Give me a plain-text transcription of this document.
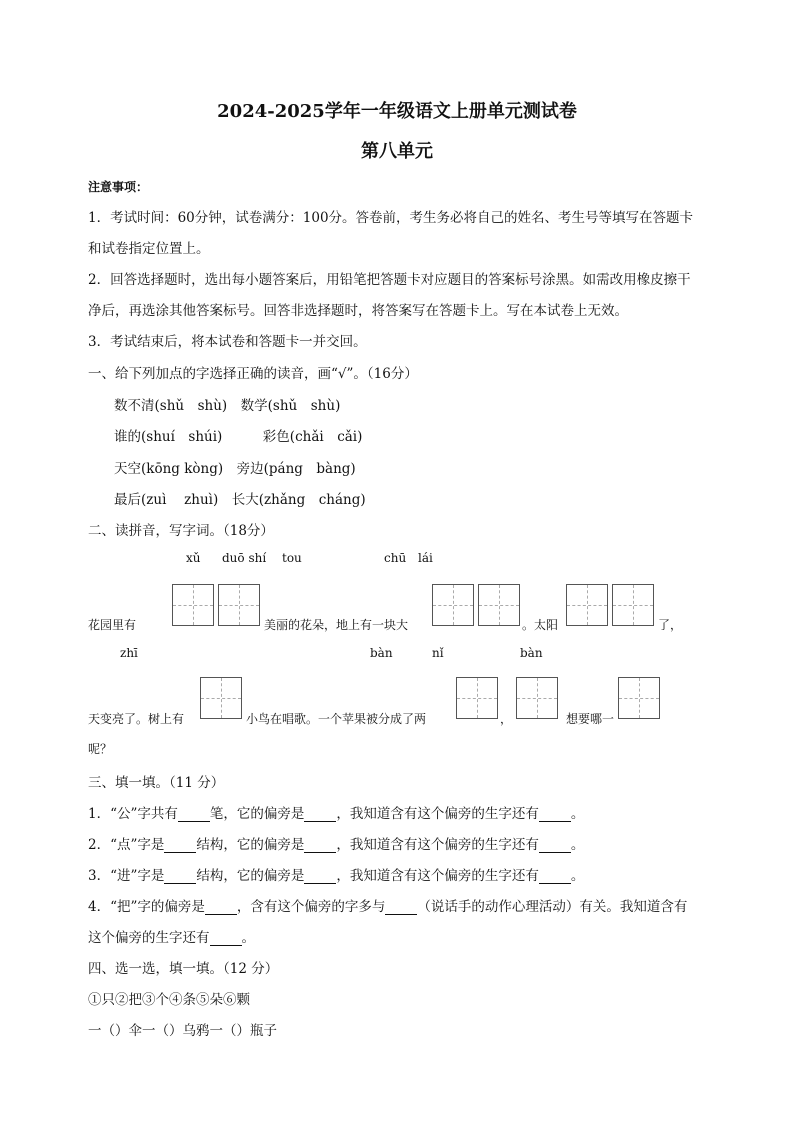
2024-2025学年一年级语文上册单元测试卷
第八单元
注意事项：
1．考试时间：60分钟，试卷满分：100分。答卷前，考生务必将自己的姓名、考生号等填写在答题卡
和试卷指定位置上。
2．回答选择题时，选出每小题答案后，用铅笔把答题卡对应题目的答案标号涂黑。如需改用橡皮擦干
净后，再选涂其他答案标号。回答非选择题时，将答案写在答题卡上。写在本试卷上无效。
3．考试结束后，将本试卷和答题卡一并交回。
一、给下列加点的字选择正确的读音，画“√”。（16分）
数不清(shǔ　shù)　数学(shǔ　shù)
谁的(shuí　shúi)　　　彩色(chǎi　cǎi)
天空(kōng kòng)　旁边(páng　bàng)
最后(zuì　 zhuì)　长大(zhǎng　cháng)
二、读拼音，写字词。（18分）
xǔ duō shí tou	chū lái
花园里有	美丽的花朵，地上有一块大	。太阳	了，
zhī	bàn	nǐ	bàn
天变亮了。树上有	小鸟在唱歌。一个苹果被分成了两	，	想要哪一
呢？
三、填一填。（11 分）
1．“公”字共有 笔，它的偏旁是 ，我知道含有这个偏旁的生字还有 。
2．“点”字是 结构，它的偏旁是 ，我知道含有这个偏旁的生字还有 。
3．“进”字是 结构，它的偏旁是 ，我知道含有这个偏旁的生字还有 。
4．“把”字的偏旁是 ，含有这个偏旁的字多与 （说话手的动作心理活动）有关。我知道含有
这个偏旁的生字还有 。
四、选一选，填一填。（12 分）
①只②把③个④条⑤朵⑥颗
一（）伞一（）乌鸦一（）瓶子
